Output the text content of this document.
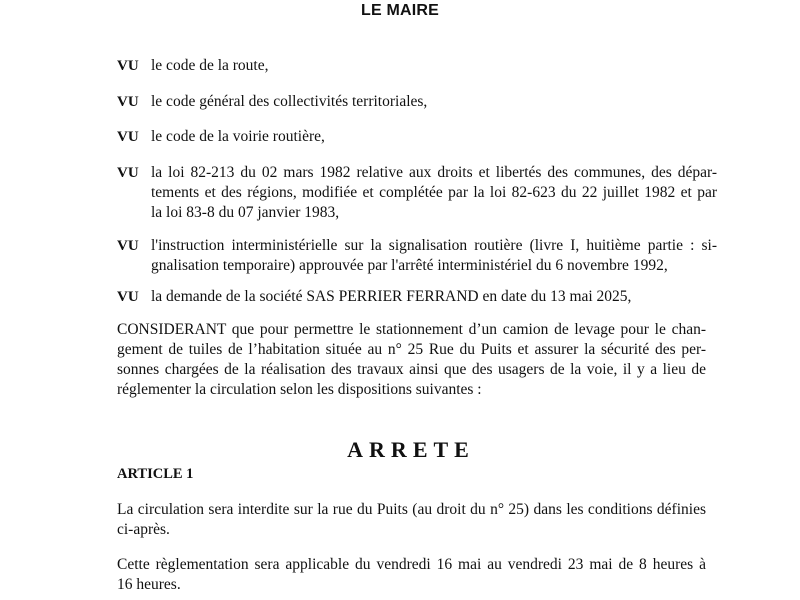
LE MAIRE
VU le code de la route,
VU le code général des collectivités territoriales,
VU le code de la voirie routière,
VU la loi 82-213 du 02 mars 1982 relative aux droits et libertés des communes, des dépar-
tements et des régions, modifiée et complétée par la loi 82-623 du 22 juillet 1982 et par
la loi 83-8 du 07 janvier 1983,
VU l'instruction interministérielle sur la signalisation routière (livre I, huitième partie : si-
gnalisation temporaire) approuvée par l'arrêté interministériel du 6 novembre 1992,
VU la demande de la société SAS PERRIER FERRAND en date du 13 mai 2025,
CONSIDERANT que pour permettre le stationnement d’un camion de levage pour le chan-
gement de tuiles de l’habitation située au n° 25 Rue du Puits et assurer la sécurité des per-
sonnes chargées de la réalisation des travaux ainsi que des usagers de la voie, il y a lieu de
réglementer la circulation selon les dispositions suivantes :
ARRETE
ARTICLE 1
La circulation sera interdite sur la rue du Puits (au droit du n° 25) dans les conditions définies
ci-après.
Cette règlementation sera applicable du vendredi 16 mai au vendredi 23 mai de 8 heures à
16 heures.
